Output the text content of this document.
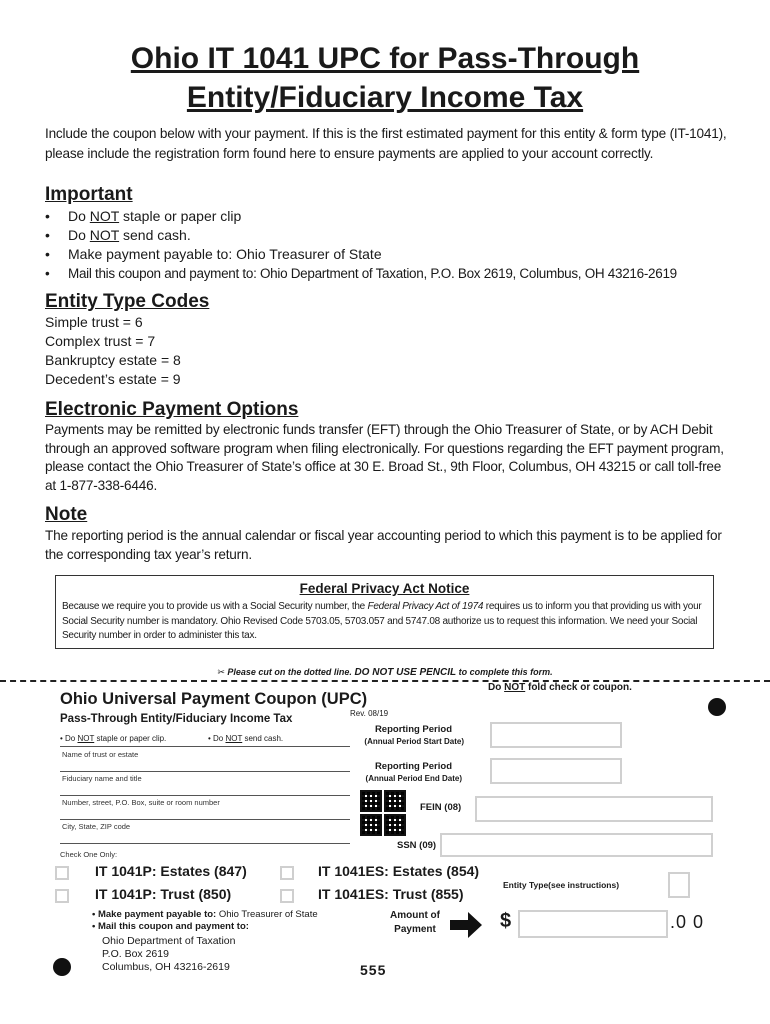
Ohio IT 1041 UPC for Pass-Through
Entity/Fiduciary Income Tax
Include the coupon below with your payment. If this is the first estimated payment for this entity & form type (IT-1041), please include the registration form found here to ensure payments are applied to your account correctly.
Important
• Do NOT staple or paper clip
• Do NOT send cash.
• Make payment payable to: Ohio Treasurer of State
• Mail this coupon and payment to: Ohio Department of Taxation, P.O. Box 2619, Columbus, OH 43216-2619
Entity Type Codes
Simple trust = 6
Complex trust = 7
Bankruptcy estate = 8
Decedent’s estate = 9
Electronic Payment Options
Payments may be remitted by electronic funds transfer (EFT) through the Ohio Treasurer of State, or by ACH Debit through an approved software program when filing electronically. For questions regarding the EFT payment program, please contact the Ohio Treasurer of State’s office at 30 E. Broad St., 9th Floor, Columbus, OH 43215 or call toll-free at 1-877-338-6446.
Note
The reporting period is the annual calendar or fiscal year accounting period to which this payment is to be applied for the corresponding tax year’s return.
Federal Privacy Act Notice
Because we require you to provide us with a Social Security number, the Federal Privacy Act of 1974 requires us to inform you that providing us with your Social Security number is mandatory. Ohio Revised Code 5703.05, 5703.057 and 5747.08 authorize us to request this information. We need your Social Security number in order to administer this tax.
✂ Please cut on the dotted line. DO NOT USE PENCIL to complete this form.
Do NOT fold check or coupon.
Ohio Universal Payment Coupon (UPC)
Rev. 08/19
Pass-Through Entity/Fiduciary Income Tax
• Do NOT staple or paper clip.	• Do NOT send cash.
Name of trust or estate
Fiduciary name and title
Number, street, P.O. Box, suite or room number
City, State, ZIP code
Check One Only:
Reporting Period
(Annual Period Start Date)
Reporting Period
(Annual Period End Date)
FEIN (08)
SSN (09)
IT 1041P: Estates (847)
IT 1041P: Trust (850)
IT 1041ES: Estates (854)
IT 1041ES: Trust (855)
Entity Type(see instructions)
• Make payment payable to: Ohio Treasurer of State
• Mail this coupon and payment to:
Ohio Department of Taxation
P.O. Box 2619
Columbus, OH 43216-2619
Amount of
Payment	$	.0 0
555
